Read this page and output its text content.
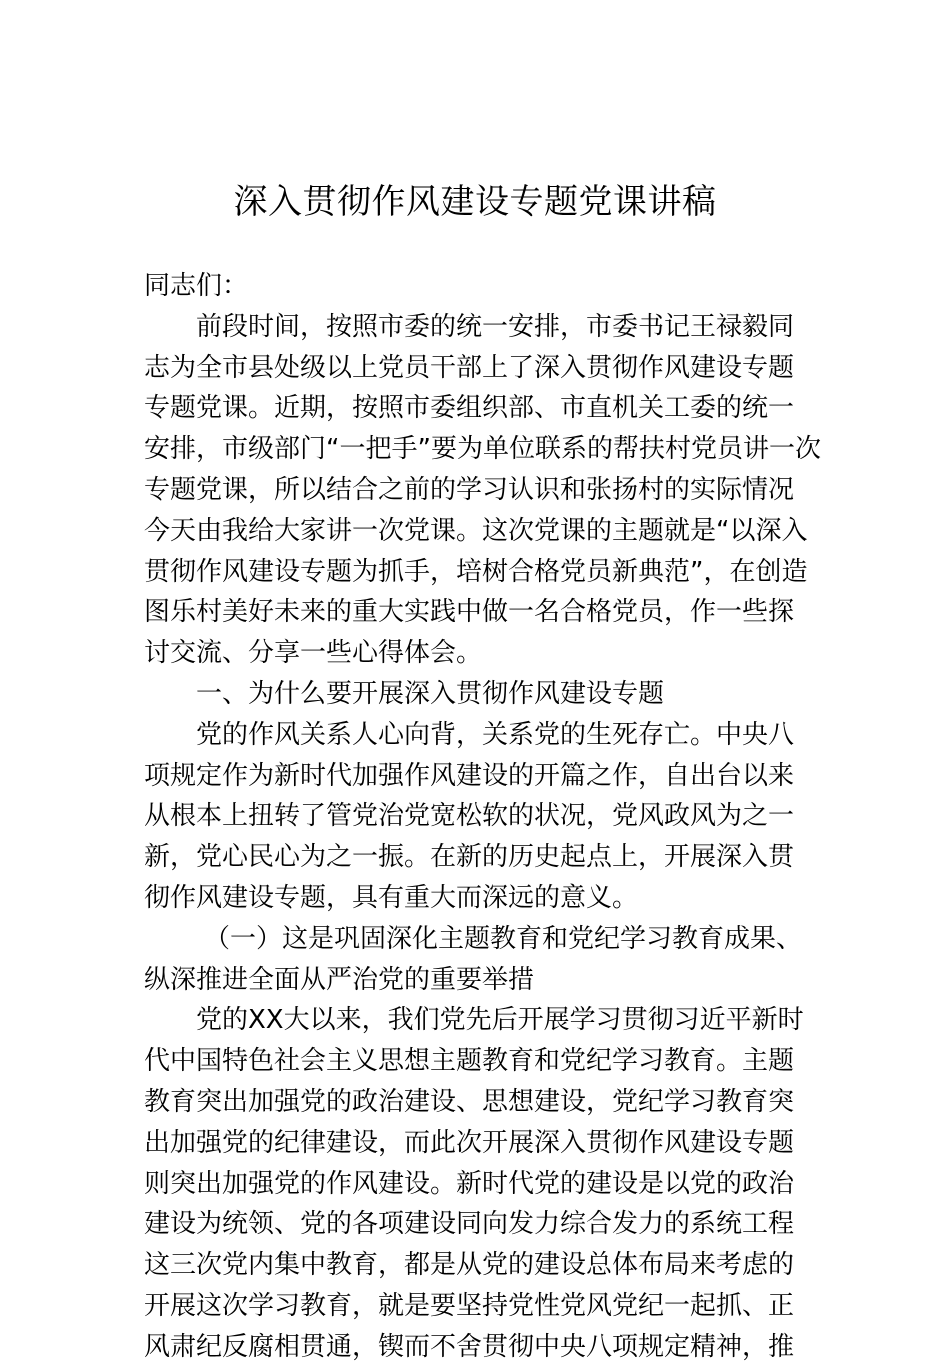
深入贯彻作风建设专题党课讲稿
同志们：
前段时间，按照市委的统一安排，市委书记王禄毅同
志为全市县处级以上党员干部上了深入贯彻作风建设专题
专题党课。近期，按照市委组织部、市直机关工委的统一
安排，市级部门“一把手”要为单位联系的帮扶村党员讲一次
专题党课，所以结合之前的学习认识和张扬村的实际情况
今天由我给大家讲一次党课。这次党课的主题就是“以深入
贯彻作风建设专题为抓手，培树合格党员新典范”，在创造
图乐村美好未来的重大实践中做一名合格党员，作一些探
讨交流、分享一些心得体会。
一、为什么要开展深入贯彻作风建设专题
党的作风关系人心向背，关系党的生死存亡。中央八
项规定作为新时代加强作风建设的开篇之作，自出台以来
从根本上扭转了管党治党宽松软的状况，党风政风为之一
新，党心民心为之一振。在新的历史起点上，开展深入贯
彻作风建设专题，具有重大而深远的意义。
（一）这是巩固深化主题教育和党纪学习教育成果、
纵深推进全面从严治党的重要举措
党的XX大以来，我们党先后开展学习贯彻习近平新时
代中国特色社会主义思想主题教育和党纪学习教育。主题
教育突出加强党的政治建设、思想建设，党纪学习教育突
出加强党的纪律建设，而此次开展深入贯彻作风建设专题
则突出加强党的作风建设。新时代党的建设是以党的政治
建设为统领、党的各项建设同向发力综合发力的系统工程
这三次党内集中教育，都是从党的建设总体布局来考虑的
开展这次学习教育，就是要坚持党性党风党纪一起抓、正
风肃纪反腐相贯通，锲而不舍贯彻中央八项规定精神，推
